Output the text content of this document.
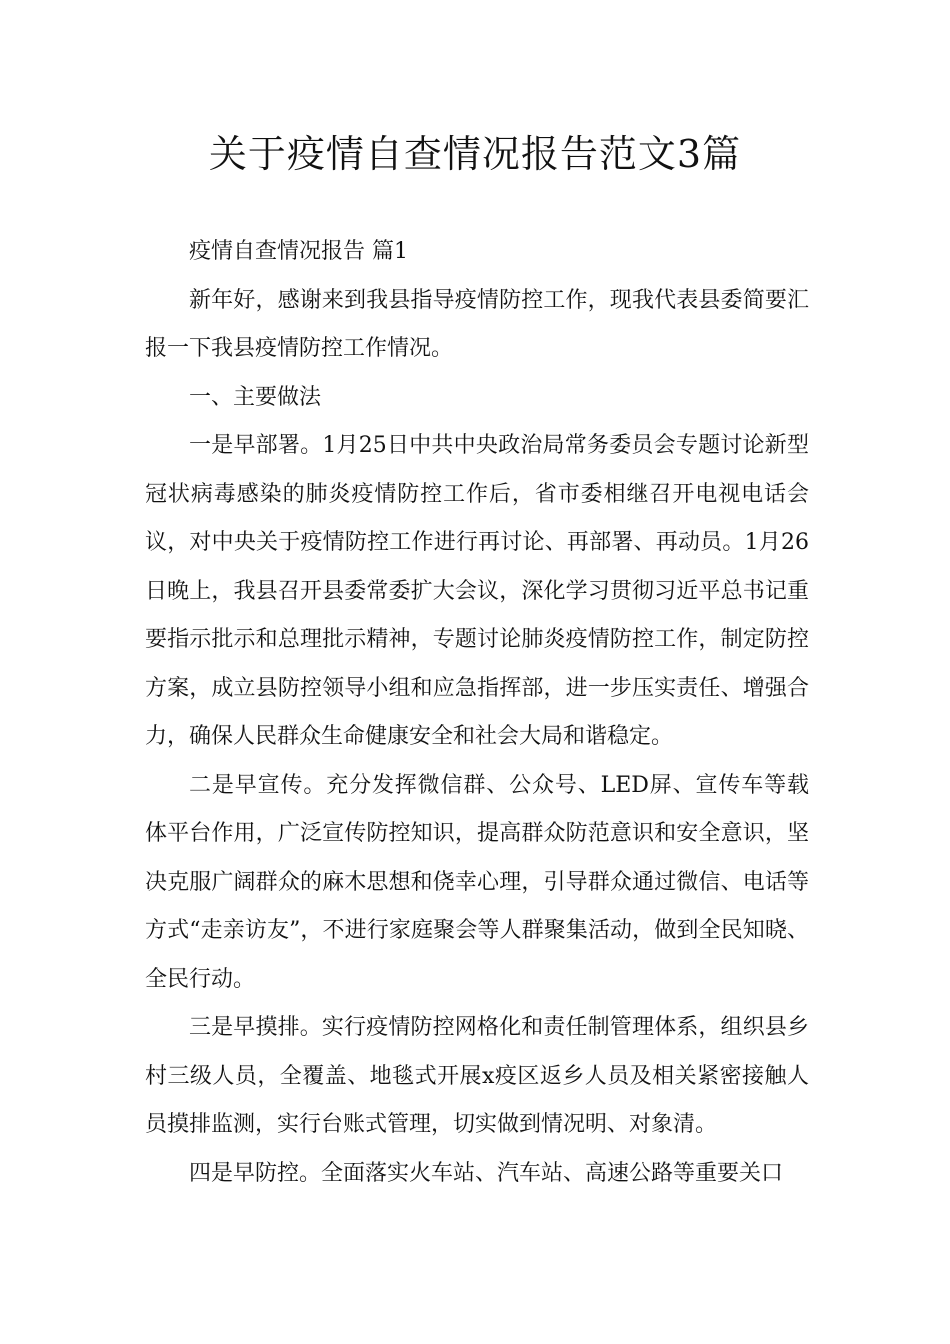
关于疫情自查情况报告范文3篇

疫情自查情况报告 篇1

新年好，感谢来到我县指导疫情防控工作，现我代表县委简要汇报一下我县疫情防控工作情况。

一、主要做法

一是早部署。1月25日中共中央政治局常务委员会专题讨论新型冠状病毒感染的肺炎疫情防控工作后，省市委相继召开电视电话会议，对中央关于疫情防控工作进行再讨论、再部署、再动员。1月26日晚上，我县召开县委常委扩大会议，深化学习贯彻习近平总书记重要指示批示和总理批示精神，专题讨论肺炎疫情防控工作，制定防控方案，成立县防控领导小组和应急指挥部，进一步压实责任、增强合力，确保人民群众生命健康安全和社会大局和谐稳定。

二是早宣传。充分发挥微信群、公众号、LED屏、宣传车等载体平台作用，广泛宣传防控知识，提高群众防范意识和安全意识，坚决克服广阔群众的麻木思想和侥幸心理，引导群众通过微信、电话等方式“走亲访友”，不进行家庭聚会等人群聚集活动，做到全民知晓、全民行动。

三是早摸排。实行疫情防控网格化和责任制管理体系，组织县乡村三级人员，全覆盖、地毯式开展x疫区返乡人员及相关紧密接触人员摸排监测，实行台账式管理，切实做到情况明、对象清。

四是早防控。全面落实火车站、汽车站、高速公路等重要关口
